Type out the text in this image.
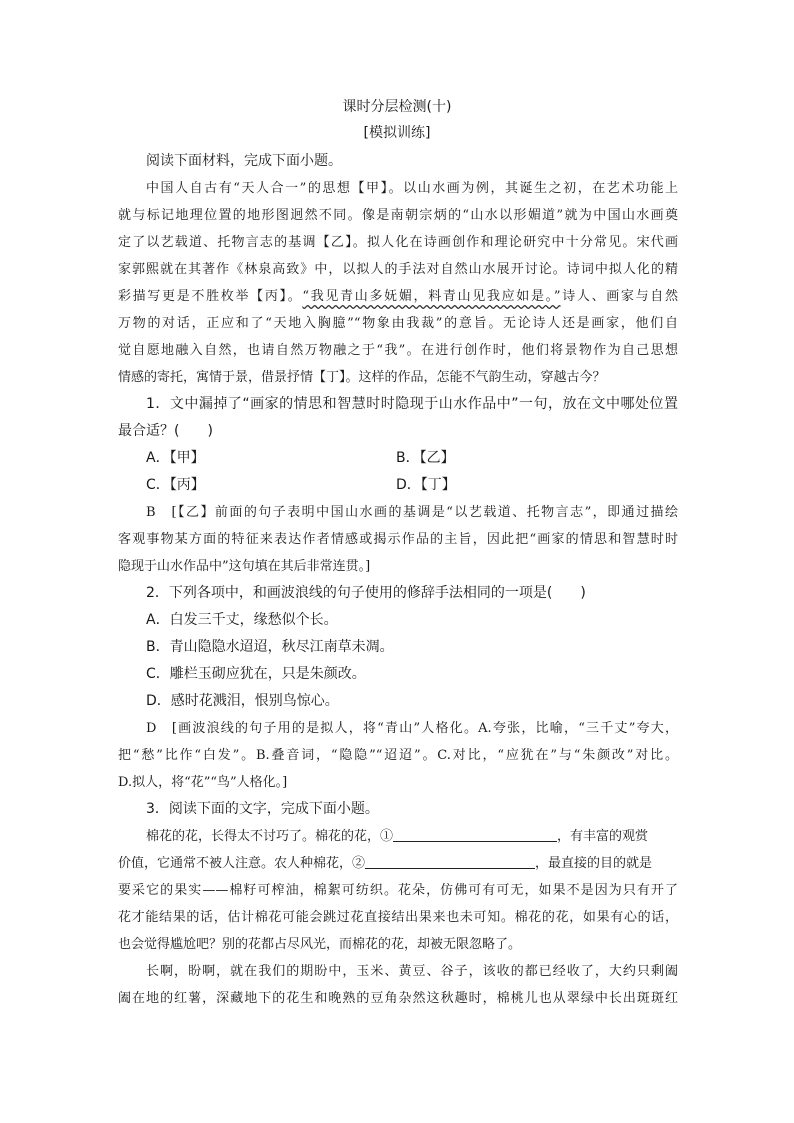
课时分层检测(十)
[模拟训练]
阅读下面材料，完成下面小题。
中国人自古有“天人合一”的思想【甲】。以山水画为例，其诞生之初，在艺术功能上
就与标记地理位置的地形图迥然不同。像是南朝宗炳的“山水以形媚道”就为中国山水画奠
定了以艺载道、托物言志的基调【乙】。拟人化在诗画创作和理论研究中十分常见。宋代画
家郭熙就在其著作《林泉高致》中，以拟人的手法对自然山水展开讨论。诗词中拟人化的精
彩描写更是不胜枚举【丙】。“我见青山多妩媚，料青山见我应如是。”诗人、画家与自然
万物的对话，正应和了“天地入胸臆”“物象由我裁”的意旨。无论诗人还是画家，他们自
觉自愿地融入自然，也请自然万物融之于“我”。在进行创作时，他们将景物作为自己思想
情感的寄托，寓情于景，借景抒情【丁】。这样的作品，怎能不气韵生动，穿越古今？
1．文中漏掉了“画家的情思和智慧时时隐现于山水作品中”一句，放在文中哪处位置
最合适？(　　)
A．【甲】	B．【乙】
C．【丙】	D．【丁】
B　[【乙】前面的句子表明中国山水画的基调是“以艺载道、托物言志”，即通过描绘
客观事物某方面的特征来表达作者情感或揭示作品的主旨，因此把“画家的情思和智慧时时
隐现于山水作品中”这句填在其后非常连贯。]
2．下列各项中，和画波浪线的句子使用的修辞手法相同的一项是(　　)
A．白发三千丈，缘愁似个长。
B．青山隐隐水迢迢，秋尽江南草未凋。
C．雕栏玉砌应犹在，只是朱颜改。
D．感时花溅泪，恨别鸟惊心。
D　[画波浪线的句子用的是拟人，将“青山”人格化。A.夸张，比喻，“三千丈”夸大，
把“愁”比作“白发”。B.叠音词，“隐隐”“迢迢”。C.对比，“应犹在”与“朱颜改”对比。
D.拟人，将“花”“鸟”人格化。]
3．阅读下面的文字，完成下面小题。
棉花的花，长得太不讨巧了。棉花的花，①	，有丰富的观赏
价值，它通常不被人注意。农人种棉花，②	，最直接的目的就是
要采它的果实——棉籽可榨油，棉絮可纺织。花朵，仿佛可有可无，如果不是因为只有开了
花才能结果的话，估计棉花可能会跳过花直接结出果来也未可知。棉花的花，如果有心的话，
也会觉得尴尬吧？别的花都占尽风光，而棉花的花，却被无限忽略了。
长啊，盼啊，就在我们的期盼中，玉米、黄豆、谷子，该收的都已经收了，大约只剩阖
阖在地的红薯，深藏地下的花生和晚熟的豆角杂然这秋趣时，棉桃儿也从翠绿中长出斑斑红
